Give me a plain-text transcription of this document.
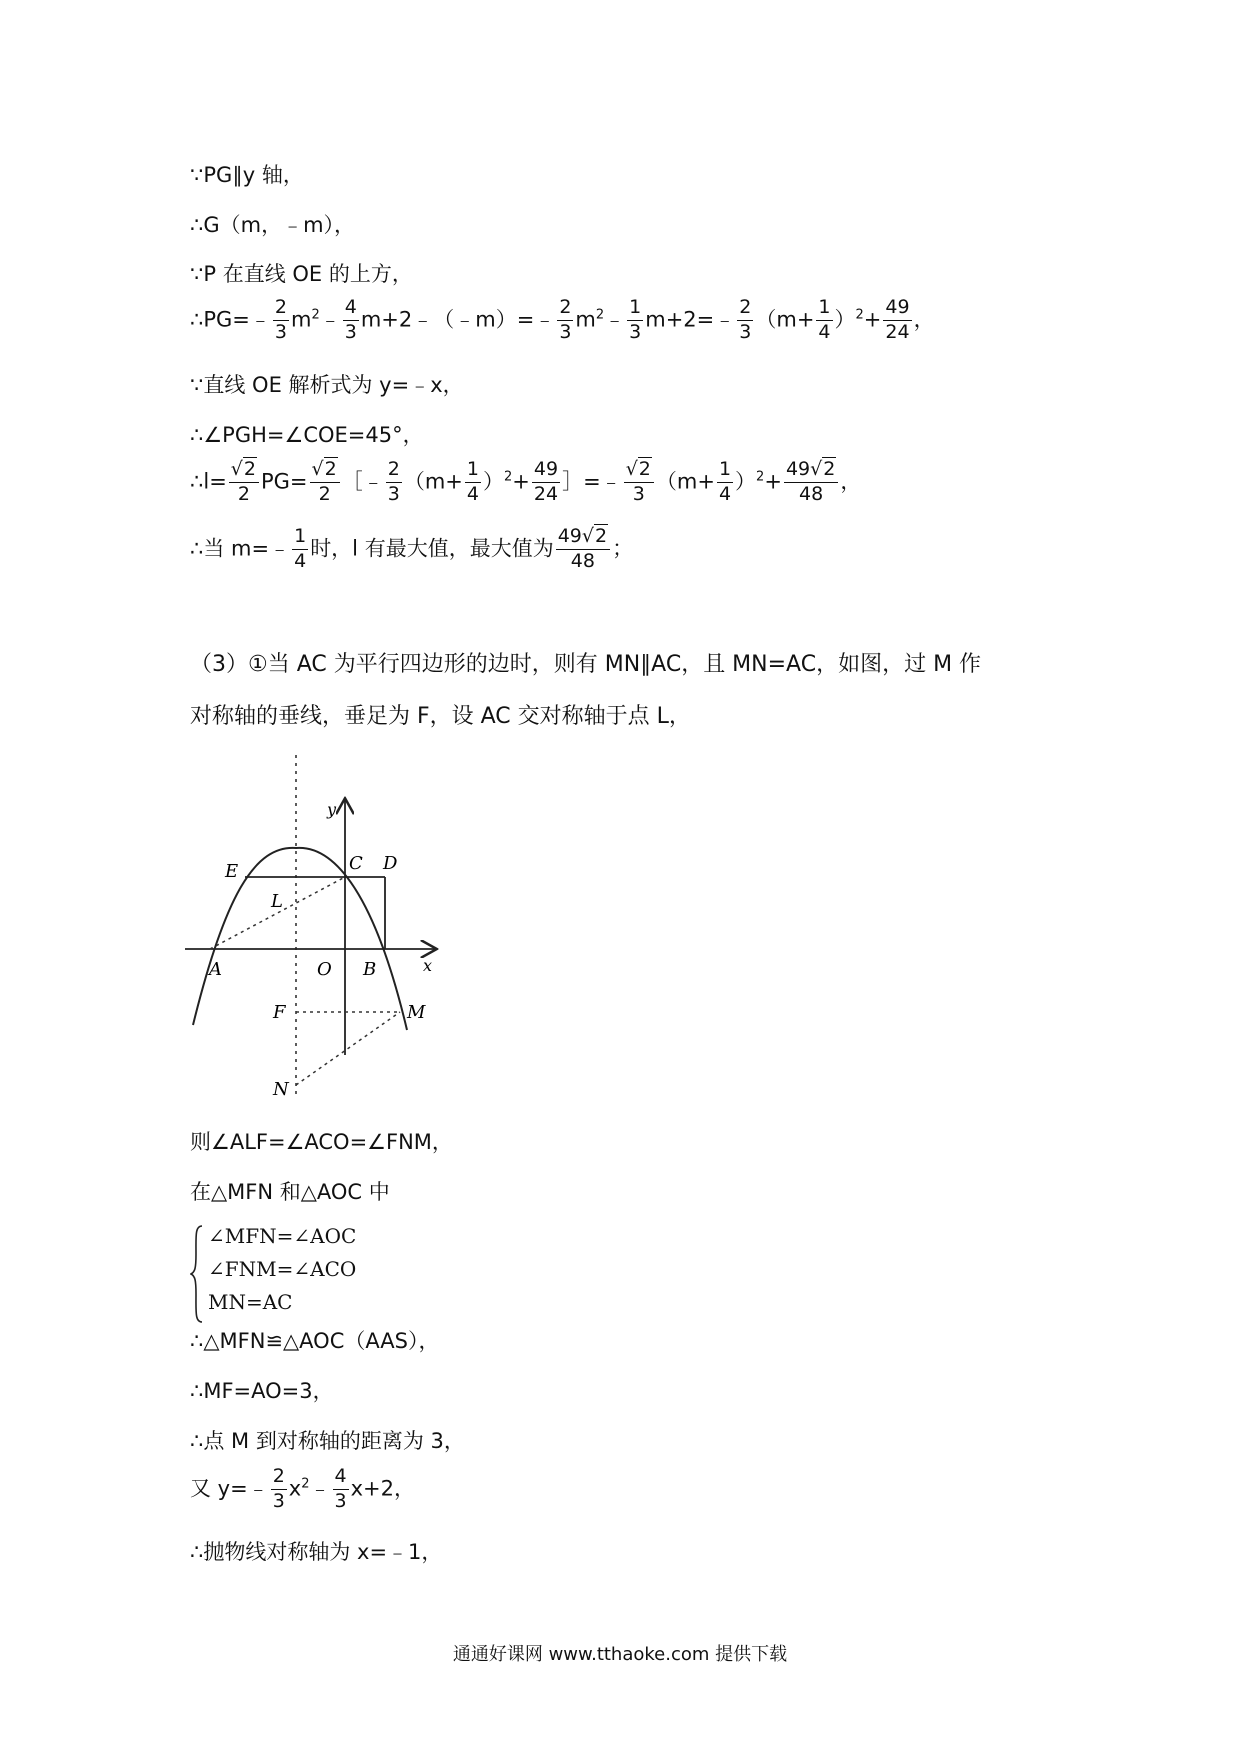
∵PG∥y 轴，
∴G（m，﹣m），
∵P 在直线 OE 的上方，
∴PG=﹣ $\frac{2}{3}$ $m^2﹣ \frac{4}{3}$ m+2﹣（﹣m）=﹣ $\frac{2}{3}$ $m^2﹣ \frac{1}{3}$ m+2=﹣ $\frac{2}{3} (m+ \frac{1}{4} )^2+ \frac{49}{24}$ ，
∵直线 OE 解析式为 y=﹣x，
∴∠PGH=∠COE=45°，
∴l= $\frac{√2}{2} PG= \frac{√2}{2}$ ［﹣ $\frac{2}{3} (m+ \frac{1}{4} )^2+ \frac{49}{24}$ ］=﹣ $\frac{√2}{3} (m+ \frac{1}{4} )^2+ \frac{49√2}{48}$ ，
∴当 m=﹣ $\frac{1}{4}$ 时，l 有最大值，最大值为 $\frac{49√2}{48}$ ；
（3）①当 AC 为平行四边形的边时，则有 MN∥AC，且 MN=AC，如图，过 M 作
对称轴的垂线，垂足为 F，设 AC 交对称轴于点 L，
y
x
E	C D
L
A	O B
F	M
N
则∠ALF=∠ACO=∠FNM，
在△MFN 和△AOC 中
∠MFN=∠AOC
∠FNM=∠ACO
MN=AC
∴△MFN≌△AOC（AAS），
∴MF=AO=3，
∴点 M 到对称轴的距离为 3，
又 y=﹣ $\frac{2}{3}$ $x^2﹣ \frac{4}{3} x+2$，
∴抛物线对称轴为 x=﹣1，
通通好课网 www.tthaoke.com 提供下载
